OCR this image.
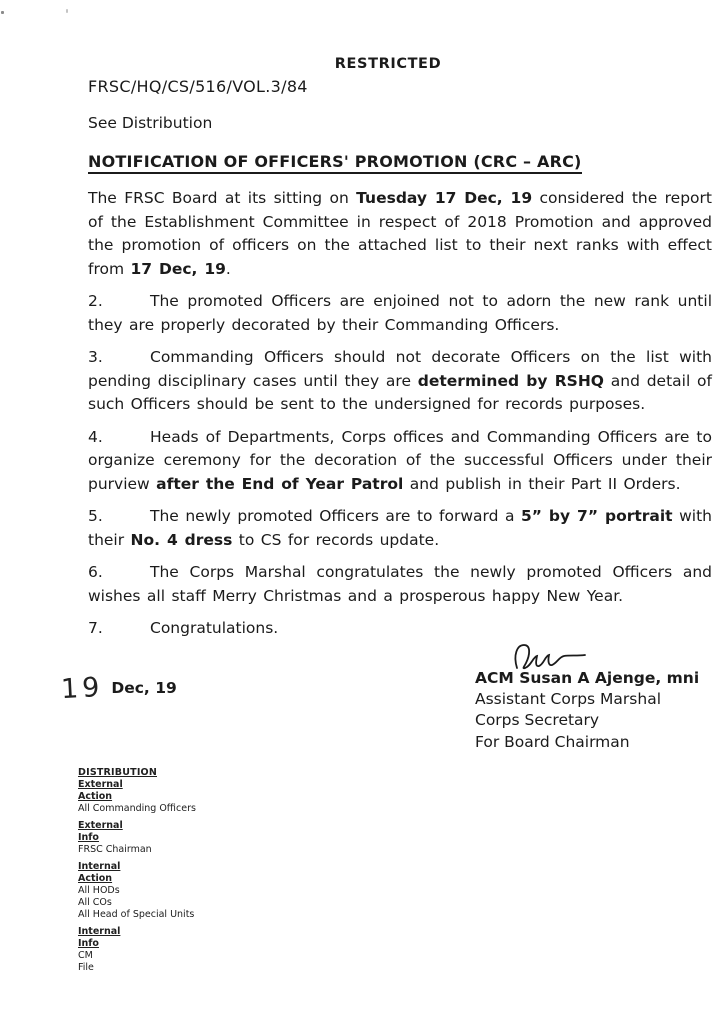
RESTRICTED
FRSC/HQ/CS/516/VOL.3/84
See Distribution
NOTIFICATION OF OFFICERS' PROMOTION (CRC – ARC)

The FRSC Board at its sitting on Tuesday 17 Dec, 19 considered the report of the Establishment Committee in respect of 2018 Promotion and approved the promotion of officers on the attached list to their next ranks with effect from 17 Dec, 19.

2.	The promoted Officers are enjoined not to adorn the new rank until they are properly decorated by their Commanding Officers.

3.	Commanding Officers should not decorate Officers on the list with pending disciplinary cases until they are determined by RSHQ and detail of such Officers should be sent to the undersigned for records purposes.

4.	Heads of Departments, Corps offices and Commanding Officers are to organize ceremony for the decoration of the successful Officers under their purview after the End of Year Patrol and publish in their Part II Orders.

5.	The newly promoted Officers are to forward a 5” by 7” portrait with their No. 4 dress to CS for records update.

6.	The Corps Marshal congratulates the newly promoted Officers and wishes all staff Merry Christmas and a prosperous happy New Year.

7.	Congratulations.

19 Dec, 19
ACM Susan A Ajenge, mni
Assistant Corps Marshal
Corps Secretary
For Board Chairman
DISTRIBUTION
External
Action
All Commanding Officers
External
Info
FRSC Chairman
Internal
Action
All HODs
All COs
All Head of Special Units
Internal
Info
CM
File
